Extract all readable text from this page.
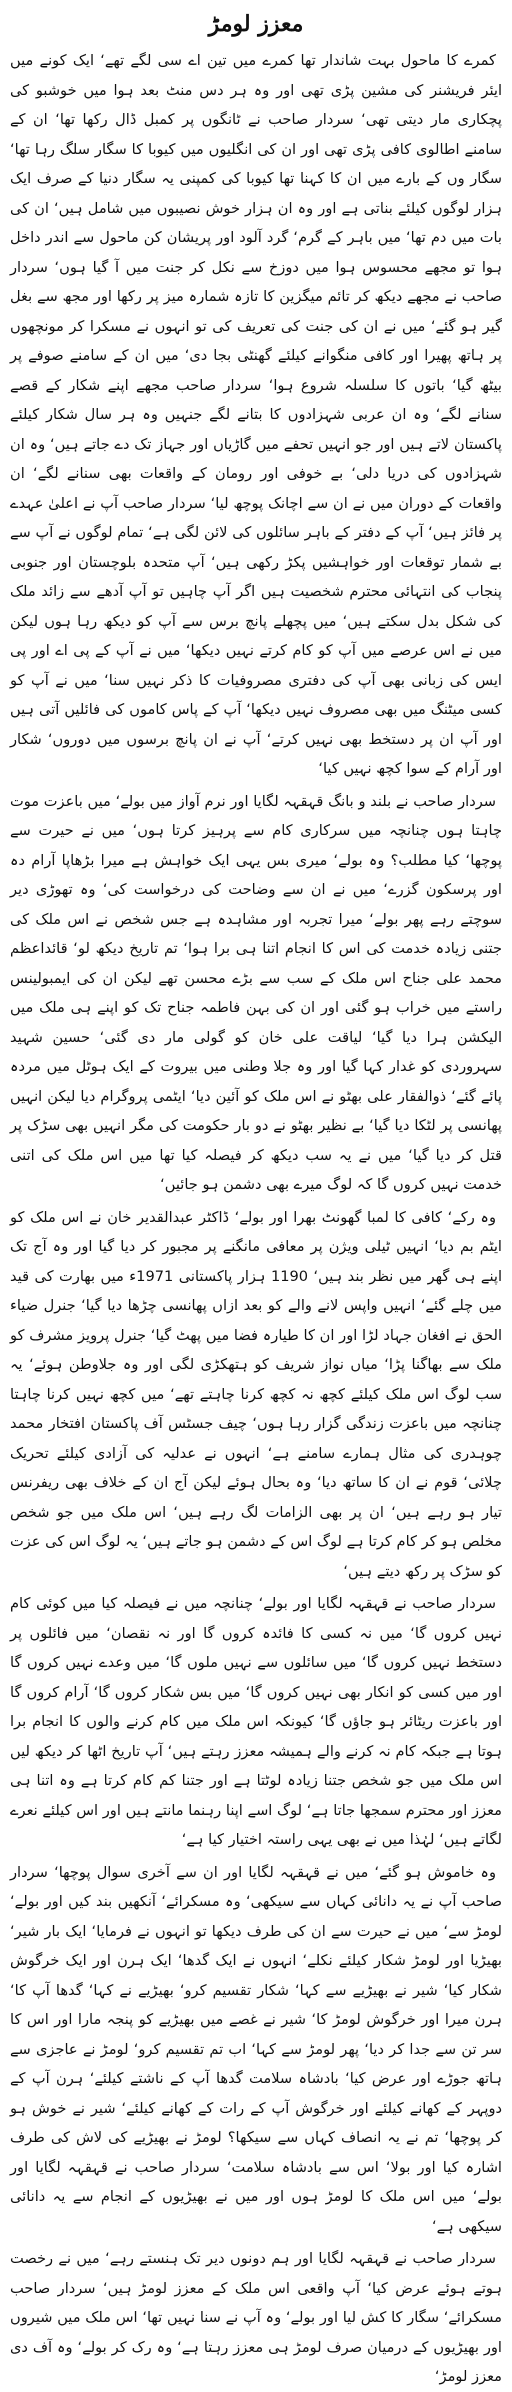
معزز لومڑ

کمرے کا ماحول بہت شاندار تھا کمرے میں تین اے سی لگے تھے‘ ایک کونے میں ایئر فریشنر کی مشین پڑی تھی اور وہ ہر دس منٹ بعد ہوا میں خوشبو کی پچکاری مار دیتی تھی‘ سردار صاحب نے ٹانگوں پر کمبل ڈال رکھا تھا‘ ان کے سامنے اطالوی کافی پڑی تھی اور ان کی انگلیوں میں کیوبا کا سگار سلگ رہا تھا‘ سگار وں کے بارے میں ان کا کہنا تھا کیوبا کی کمپنی یہ سگار دنیا کے صرف ایک ہزار لوگوں کیلئے بناتی ہے اور وہ ان ہزار خوش نصیبوں میں شامل ہیں‘ ان کی بات میں دم تھا‘ میں باہر کے گرم‘ گرد آلود اور پریشان کن ماحول سے اندر داخل ہوا تو مجھے محسوس ہوا میں دوزخ سے نکل کر جنت میں آ گیا ہوں‘ سردار صاحب نے مجھے دیکھ کر تائم میگزین کا تازہ شمارہ میز پر رکھا اور مجھ سے بغل گیر ہو گئے‘ میں نے ان کی جنت کی تعریف کی تو انہوں نے مسکرا کر مونچھوں پر ہاتھ پھیرا اور کافی منگوانے کیلئے گھنٹی بجا دی‘ میں ان کے سامنے صوفے پر بیٹھ گیا‘ باتوں کا سلسلہ شروع ہوا‘ سردار صاحب مجھے اپنے شکار کے قصے سنانے لگے‘ وہ ان عربی شہزادوں کا بتانے لگے جنہیں وہ ہر سال شکار کیلئے پاکستان لاتے ہیں اور جو انہیں تحفے میں گاڑیاں اور جہاز تک دے جاتے ہیں‘ وہ ان شہزادوں کی دریا دلی‘ بے خوفی اور رومان کے واقعات بھی سنانے لگے‘ ان واقعات کے دوران میں نے ان سے اچانک پوچھ لیا‘ سردار صاحب آپ نے اعلیٰ عہدے پر فائز ہیں‘ آپ کے دفتر کے باہر سائلوں کی لائن لگی ہے‘ تمام لوگوں نے آپ سے بے شمار توقعات اور خواہشیں پکڑ رکھی ہیں‘ آپ متحدہ بلوچستان اور جنوبی پنجاب کی انتہائی محترم شخصیت ہیں اگر آپ چاہیں تو آپ آدھے سے زائد ملک کی شکل بدل سکتے ہیں‘ میں پچھلے پانچ برس سے آپ کو دیکھ رہا ہوں لیکن میں نے اس عرصے میں آپ کو کام کرتے نہیں دیکھا‘ میں نے آپ کے پی اے اور پی ایس کی زبانی بھی آپ کی دفتری مصروفیات کا ذکر نہیں سنا‘ میں نے آپ کو کسی میٹنگ میں بھی مصروف نہیں دیکھا‘ آپ کے پاس کاموں کی فائلیں آتی ہیں اور آپ ان پر دستخط بھی نہیں کرتے‘ آپ نے ان پانچ برسوں میں دوروں‘ شکار اور آرام کے سوا کچھ نہیں کیا‘

سردار صاحب نے بلند و بانگ قہقہہ لگایا اور نرم آواز میں بولے‘ میں باعزت موت چاہتا ہوں چنانچہ میں سرکاری کام سے پرہیز کرتا ہوں‘ میں نے حیرت سے پوچھا‘ کیا مطلب؟ وہ بولے‘ میری بس یہی ایک خواہش ہے میرا بڑھاپا آرام دہ اور پرسکون گزرے‘ میں نے ان سے وضاحت کی درخواست کی‘ وہ تھوڑی دیر سوچتے رہے پھر بولے‘ میرا تجربہ اور مشاہدہ ہے جس شخص نے اس ملک کی جتنی زیادہ خدمت کی اس کا انجام اتنا ہی برا ہوا‘ تم تاریخ دیکھ لو‘ قائداعظم محمد علی جناح اس ملک کے سب سے بڑے محسن تھے لیکن ان کی ایمبولینس راستے میں خراب ہو گئی اور ان کی بہن فاطمہ جناح تک کو اپنے ہی ملک میں الیکشن ہرا دیا گیا‘ لیاقت علی خان کو گولی مار دی گئی‘ حسین شہید سہروردی کو غدار کہا گیا اور وہ جلا وطنی میں بیروت کے ایک ہوٹل میں مردہ پائے گئے‘ ذوالفقار علی بھٹو نے اس ملک کو آئین دیا‘ ایٹمی پروگرام دیا لیکن انہیں پھانسی پر لٹکا دیا گیا‘ بے نظیر بھٹو نے دو بار حکومت کی مگر انہیں بھی سڑک پر قتل کر دیا گیا‘ میں نے یہ سب دیکھ کر فیصلہ کیا تھا میں اس ملک کی اتنی خدمت نہیں کروں گا کہ لوگ میرے بھی دشمن ہو جائیں‘

وہ رکے‘ کافی کا لمبا گھونٹ بھرا اور بولے‘ ڈاکٹر عبدالقدیر خان نے اس ملک کو ایٹم بم دیا‘ انہیں ٹیلی ویژن پر معافی مانگنے پر مجبور کر دیا گیا اور وہ آج تک اپنے ہی گھر میں نظر بند ہیں‘ 1190 ہزار پاکستانی 1971ء میں بھارت کی قید میں چلے گئے‘ انہیں واپس لانے والے کو بعد ازاں پھانسی چڑھا دیا گیا‘ جنرل ضیاء الحق نے افغان جہاد لڑا اور ان کا طیارہ فضا میں پھٹ گیا‘ جنرل پرویز مشرف کو ملک سے بھاگنا پڑا‘ میاں نواز شریف کو ہتھکڑی لگی اور وہ جلاوطن ہوئے‘ یہ سب لوگ اس ملک کیلئے کچھ نہ کچھ کرنا چاہتے تھے‘ میں کچھ نہیں کرنا چاہتا چنانچہ میں باعزت زندگی گزار رہا ہوں‘ چیف جسٹس آف پاکستان افتخار محمد چوہدری کی مثال ہمارے سامنے ہے‘ انہوں نے عدلیہ کی آزادی کیلئے تحریک چلائی‘ قوم نے ان کا ساتھ دیا‘ وہ بحال ہوئے لیکن آج ان کے خلاف بھی ریفرنس تیار ہو رہے ہیں‘ ان پر بھی الزامات لگ رہے ہیں‘ اس ملک میں جو شخص مخلص ہو کر کام کرتا ہے لوگ اس کے دشمن ہو جاتے ہیں‘ یہ لوگ اس کی عزت کو سڑک پر رکھ دیتے ہیں‘

سردار صاحب نے قہقہہ لگایا اور بولے‘ چنانچہ میں نے فیصلہ کیا میں کوئی کام نہیں کروں گا‘ میں نہ کسی کا فائدہ کروں گا اور نہ نقصان‘ میں فائلوں پر دستخط نہیں کروں گا‘ میں سائلوں سے نہیں ملوں گا‘ میں وعدے نہیں کروں گا اور میں کسی کو انکار بھی نہیں کروں گا‘ میں بس شکار کروں گا‘ آرام کروں گا اور باعزت ریٹائر ہو جاؤں گا‘ کیونکہ اس ملک میں کام کرنے والوں کا انجام برا ہوتا ہے جبکہ کام نہ کرنے والے ہمیشہ معزز رہتے ہیں‘ آپ تاریخ اٹھا کر دیکھ لیں اس ملک میں جو شخص جتنا زیادہ لوٹتا ہے اور جتنا کم کام کرتا ہے وہ اتنا ہی معزز اور محترم سمجھا جاتا ہے‘ لوگ اسے اپنا رہنما مانتے ہیں اور اس کیلئے نعرے لگاتے ہیں‘ لہٰذا میں نے بھی یہی راستہ اختیار کیا ہے‘

وہ خاموش ہو گئے‘ میں نے قہقہہ لگایا اور ان سے آخری سوال پوچھا‘ سردار صاحب آپ نے یہ دانائی کہاں سے سیکھی‘ وہ مسکرائے‘ آنکھیں بند کیں اور بولے‘ لومڑ سے‘ میں نے حیرت سے ان کی طرف دیکھا تو انہوں نے فرمایا‘ ایک بار شیر‘ بھیڑیا اور لومڑ شکار کیلئے نکلے‘ انہوں نے ایک گدھا‘ ایک ہرن اور ایک خرگوش شکار کیا‘ شیر نے بھیڑیے سے کہا‘ شکار تقسیم کرو‘ بھیڑیے نے کہا‘ گدھا آپ کا‘ ہرن میرا اور خرگوش لومڑ کا‘ شیر نے غصے میں بھیڑیے کو پنجہ مارا اور اس کا سر تن سے جدا کر دیا‘ پھر لومڑ سے کہا‘ اب تم تقسیم کرو‘ لومڑ نے عاجزی سے ہاتھ جوڑے اور عرض کیا‘ بادشاہ سلامت گدھا آپ کے ناشتے کیلئے‘ ہرن آپ کے دوپہر کے کھانے کیلئے اور خرگوش آپ کے رات کے کھانے کیلئے‘ شیر نے خوش ہو کر پوچھا‘ تم نے یہ انصاف کہاں سے سیکھا؟ لومڑ نے بھیڑیے کی لاش کی طرف اشارہ کیا اور بولا‘ اس سے بادشاہ سلامت‘ سردار صاحب نے قہقہہ لگایا اور بولے‘ میں اس ملک کا لومڑ ہوں اور میں نے بھیڑیوں کے انجام سے یہ دانائی سیکھی ہے‘

سردار صاحب نے قہقہہ لگایا اور ہم دونوں دیر تک ہنستے رہے‘ میں نے رخصت ہوتے ہوئے عرض کیا‘ آپ واقعی اس ملک کے معزز لومڑ ہیں‘ سردار صاحب مسکرائے‘ سگار کا کش لیا اور بولے‘ وہ آپ نے سنا نہیں تھا‘ اس ملک میں شیروں اور بھیڑیوں کے درمیان صرف لومڑ ہی معزز رہتا ہے‘ وہ رک کر بولے‘ وہ آف دی معزز لومڑ‘
